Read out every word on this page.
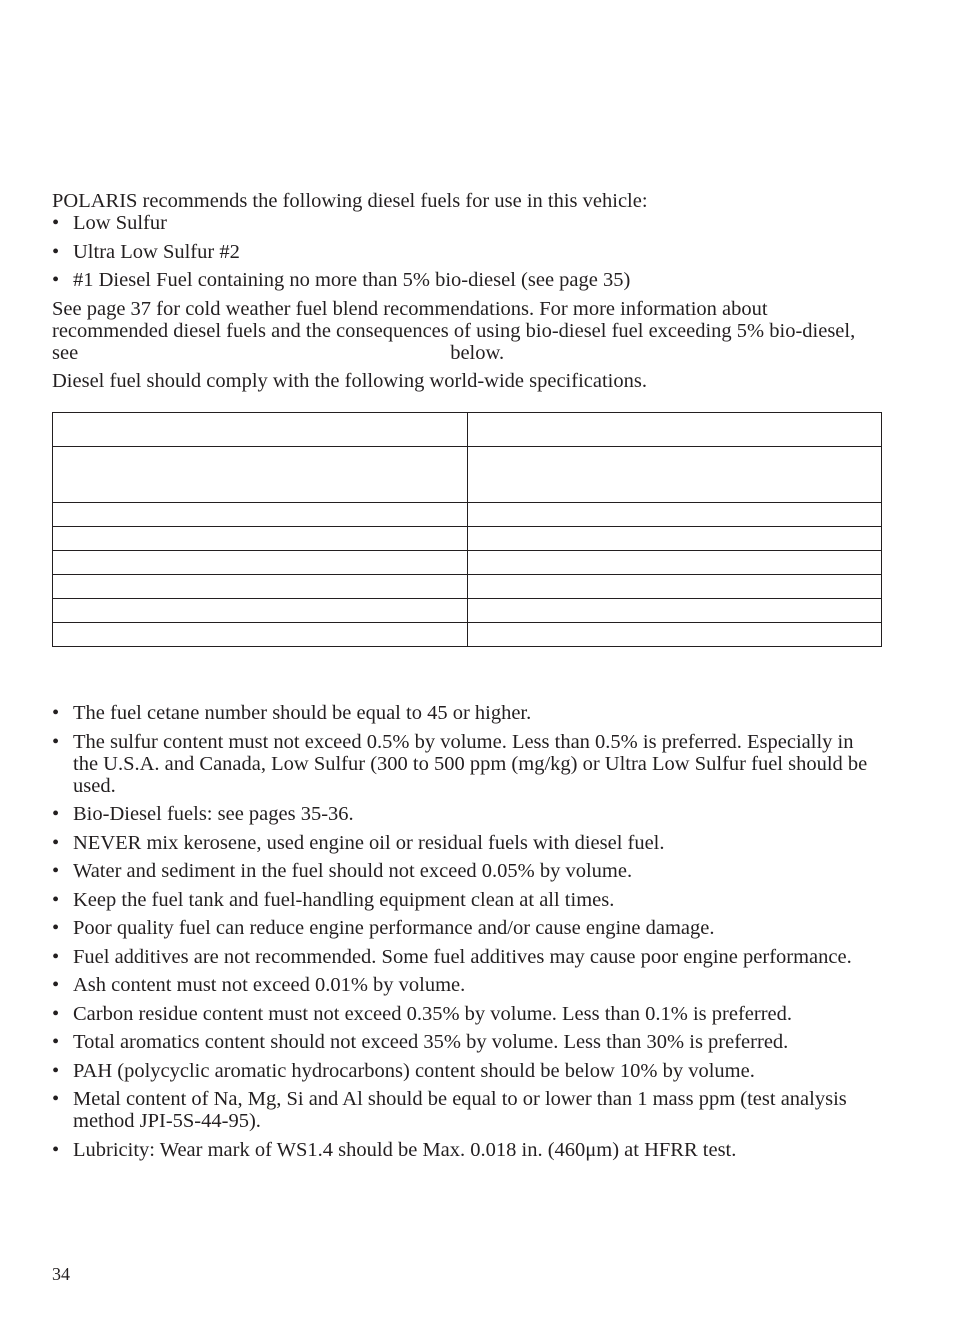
POLARIS recommends the following diesel fuels for use in this vehicle:

• Low Sulfur
• Ultra Low Sulfur #2
• #1 Diesel Fuel containing no more than 5% bio-diesel (see page 35)

See page 37 for cold weather fuel blend recommendations. For more information about recommended diesel fuels and the consequences of using bio-diesel fuel exceeding 5% bio-diesel, see	below.

Diesel fuel should comply with the following world-wide specifications.

• The fuel cetane number should be equal to 45 or higher.
• The sulfur content must not exceed 0.5% by volume. Less than 0.5% is preferred. Especially in the U.S.A. and Canada, Low Sulfur (300 to 500 ppm (mg/kg) or Ultra Low Sulfur fuel should be used.
• Bio-Diesel fuels: see pages 35-36.
• NEVER mix kerosene, used engine oil or residual fuels with diesel fuel.
• Water and sediment in the fuel should not exceed 0.05% by volume.
• Keep the fuel tank and fuel-handling equipment clean at all times.
• Poor quality fuel can reduce engine performance and/or cause engine damage.
• Fuel additives are not recommended. Some fuel additives may cause poor engine performance.
• Ash content must not exceed 0.01% by volume.
• Carbon residue content must not exceed 0.35% by volume. Less than 0.1% is preferred.
• Total aromatics content should not exceed 35% by volume. Less than 30% is preferred.
• PAH (polycyclic aromatic hydrocarbons) content should be below 10% by volume.
• Metal content of Na, Mg, Si and Al should be equal to or lower than 1 mass ppm (test analysis method JPI-5S-44-95).
• Lubricity: Wear mark of WS1.4 should be Max. 0.018 in. (460μm) at HFRR test.
34
